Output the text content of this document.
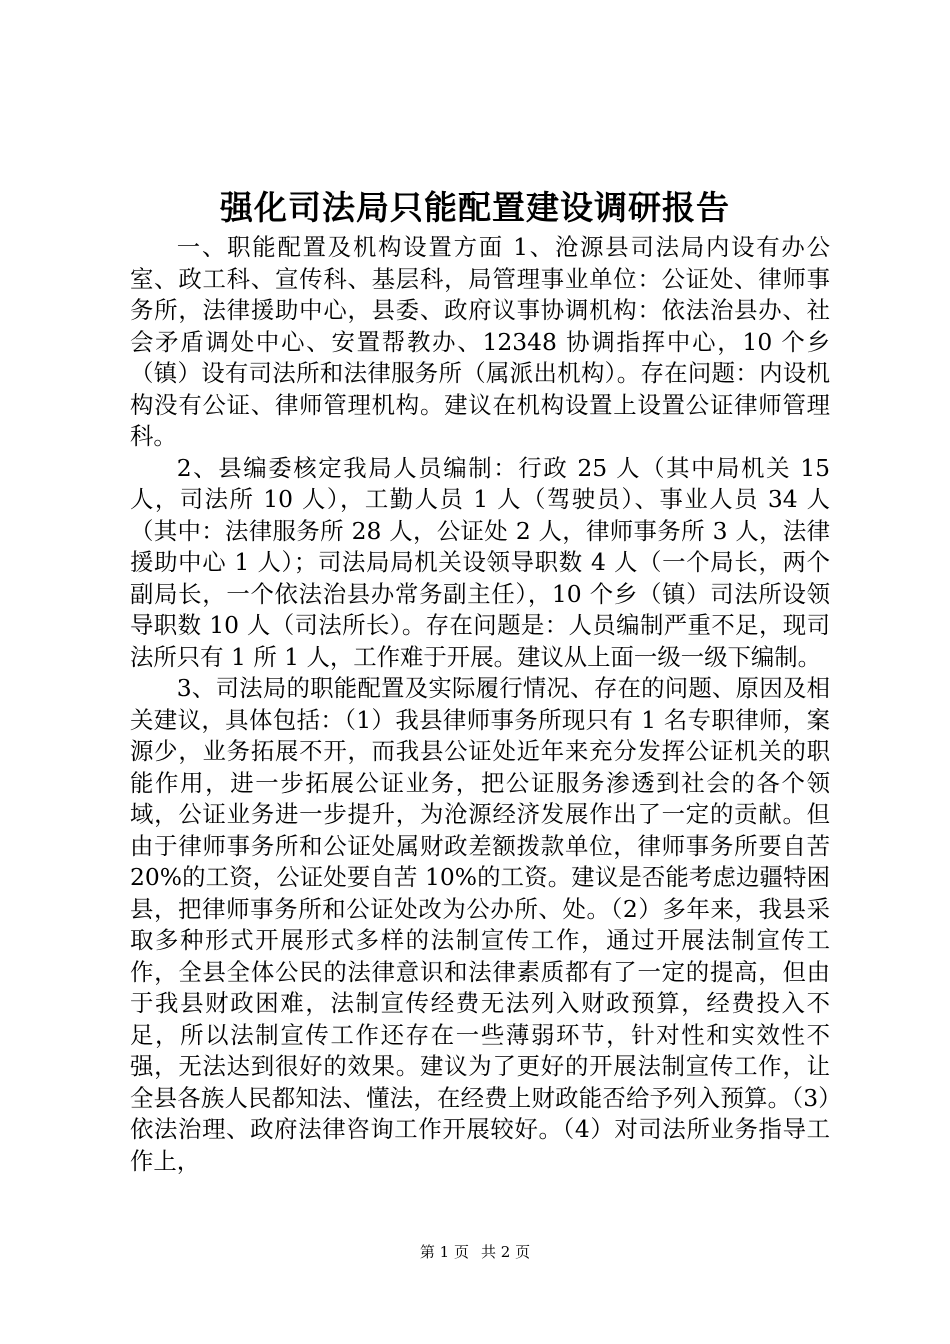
强化司法局只能配置建设调研报告

一、职能配置及机构设置方面 1、沧源县司法局内设有办公室、政工科、宣传科、基层科，局管理事业单位：公证处、律师事务所，法律援助中心，县委、政府议事协调机构：依法治县办、社会矛盾调处中心、安置帮教办、12348 协调指挥中心，10 个乡（镇）设有司法所和法律服务所（属派出机构）。存在问题：内设机构没有公证、律师管理机构。建议在机构设置上设置公证律师管理科。

2、县编委核定我局人员编制：行政 25 人（其中局机关 15 人，司法所 10 人），工勤人员 1 人（驾驶员）、事业人员 34 人（其中：法律服务所 28 人，公证处 2 人，律师事务所 3 人，法律援助中心 1 人）；司法局局机关设领导职数 4 人（一个局长，两个副局长，一个依法治县办常务副主任），10 个乡（镇）司法所设领导职数 10 人（司法所长）。存在问题是：人员编制严重不足，现司法所只有 1 所 1 人，工作难于开展。建议从上面一级一级下编制。

3、司法局的职能配置及实际履行情况、存在的问题、原因及相关建议，具体包括：（1）我县律师事务所现只有 1 名专职律师，案源少，业务拓展不开，而我县公证处近年来充分发挥公证机关的职能作用，进一步拓展公证业务，把公证服务渗透到社会的各个领域，公证业务进一步提升，为沧源经济发展作出了一定的贡献。但由于律师事务所和公证处属财政差额拨款单位，律师事务所要自苦 20%的工资，公证处要自苦 10%的工资。建议是否能考虑边疆特困县，把律师事务所和公证处改为公办所、处。（2）多年来，我县采取多种形式开展形式多样的法制宣传工作，通过开展法制宣传工作，全县全体公民的法律意识和法律素质都有了一定的提高，但由于我县财政困难，法制宣传经费无法列入财政预算，经费投入不足，所以法制宣传工作还存在一些薄弱环节，针对性和实效性不强，无法达到很好的效果。建议为了更好的开展法制宣传工作，让全县各族人民都知法、懂法，在经费上财政能否给予列入预算。（3）依法治理、政府法律咨询工作开展较好。（4）对司法所业务指导工作上，

第 1 页 共 2 页
